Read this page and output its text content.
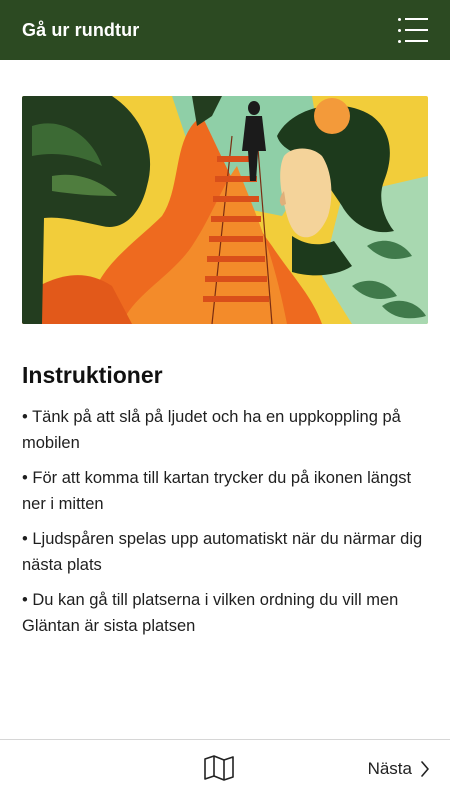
Gå ur rundtur
Instruktioner
• Tänk på att slå på ljudet och ha en uppkoppling på mobilen
• För att komma till kartan trycker du på ikonen längst ner i mitten
• Ljudspåren spelas upp automatiskt när du närmar dig nästa plats
• Du kan gå till platserna i vilken ordning du vill men Gläntan är sista platsen
Nästa
